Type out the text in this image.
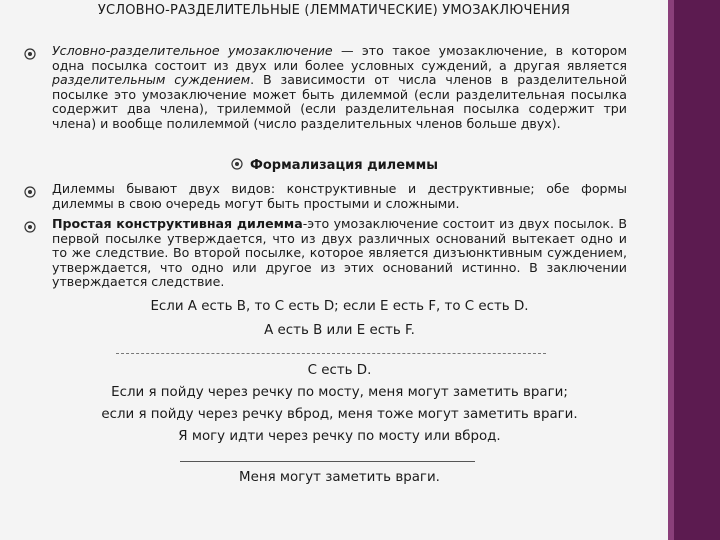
УСЛОВНО-РАЗДЕЛИТЕЛЬНЫЕ (ЛЕММАТИЧЕСКИЕ) УМОЗАКЛЮЧЕНИЯ

Условно-разделительное умозаключение — это такое умозаключение, в котором одна посылка состоит из двух или более условных суждений, а другая является разделительным суждением. В зависимости от числа членов в разделительной посылке это умозаключение может быть дилеммой (если разделительная посылка содержит два члена), трилеммой (если разделительная посылка содержит три члена) и вообще полилеммой (число разделительных членов больше двух).

Формализация дилеммы

Дилеммы бывают двух видов: конструктивные и деструктивные; обе формы дилеммы в свою очередь могут быть простыми и сложными.

Простая конструктивная дилемма-это умозаключение состоит из двух посылок. В первой посылке утверждается, что из двух различных оснований вытекает одно и то же следствие. Во второй посылке, которое является дизъюнктивным суждением, утверждается, что одно или другое из этих оснований истинно. В заключении утверждается следствие.

Если A есть B, то C есть D; если E есть F, то C есть D.
A есть B или E есть F.
C есть D.
Если я пойду через речку по мосту, меня могут заметить враги;
если я пойду через речку вброд, меня тоже могут заметить враги.
Я могу идти через речку по мосту или вброд.
Меня могут заметить враги.
